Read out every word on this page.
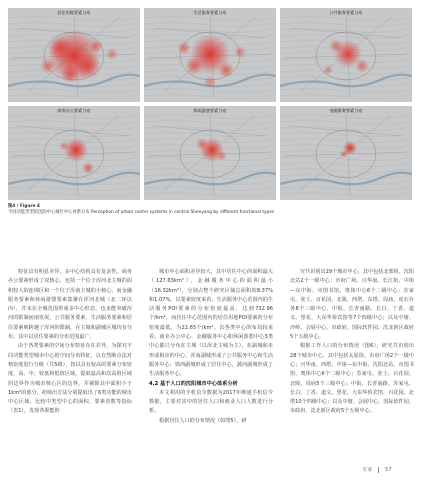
居住用地要素分布	生活服务要素分布	公共服务要素分布
商务办公要素分布	休闲游憩要素分布	金融服务要素分布
图4 / Figure 4
不同功能类型的沈阳中心城区中心体系分布 Perception of urban center systems in central Shenyang by different functional types

特征具有明显差异，多中心结构具有复杂性。商务办公要素形成了双核心，包括一个位于浑河北主城的面积较大的连绵区和一个位于浑南主城的小核心，而金融服务要素和休闲游憩要素集聚在浑河北城（北二环以内），并未在全城范围形成多中心形态，也未能突破浑河的限制而南发展，公共服务要素、生活服务要素和居住要素则跨越了浑河的限制，在主城和副城区城均有分布，其中以居住要素的分布范围最广。

由于各类要素的空间分布特征存在差异，为探究不同功能类型城市中心的空间分布特征，以自然断点法对核密度进行分级（共5级），按以具有较高的要素分布密度、高、中、较低和低值区域，提取最高和次高值区域的边界作为城市核心区的边界，并剔除其中面积小于1km²的部分，初筛出方法分别提取出了6类功能的城市中心区域，比较中类型中心的面积、要素者数等指标（表1），发现各职能的

城市中心面积差异较大，其中居住中心的面积最大（127.63km²），金融服务中心的面积最小（16.32km²），分别占整个研究区域总面积的8.37%和1.07%。以要素密度来看，生活服务中心范围内的生活服务POI要素的分布密度最高，达到732.96个/km²，而居住中心范围内的居住用地POI要素的分布密度最低，为22.65个/km²。以各类中心的布局较来看，商业办公中心、金融服务中心和休闲游憩中心3类中心都只分布在主城（以浑北主城为主），在副城和未形成相应的中心，浑南副城形成了公共服务中心和生活服务中心；铁西副城形成了居住中心，蒲河副城形成了生活服务中心。

4.2 基于人口的沈阳城市中心体系分析

本文利用的手机信令数据为2017年断通手机信令数据，主要对其中的居住人口和就业人口人数进行分析。

根据居住人口的分布情况（如图5），研

究共识别出29个城市中心，其中包括北部组、沈阳北站2个一级中心；市府广场、兴华南、长江街、中街—东中街、市图书馆、奥体中心6个二级中心；苏家屯、张士、百花园，北陵、西塔、东塔、周庙，虎石台各8个三级中心，中街、长青南路、长白、丁香、道义、望花、大东华侨宾馆等7个四级中心；以及中塘、沙岭、会展中心、市政府、国际软件园、沈北新区政府5个五级中心。

根据工作人口的分布情况（图6），研究共识别出28个城市中心，其中包括太原街、市府广场2个一级中心；兴华南、西塔、中街—东中街、沈阳北站、市图书馆、奥体中心6个二级中心；苏家屯、张士、百花园、北陵、周庙5个三级中心；中街、长青南路、苏家屯、长白、丁香、道义、望花、大东华侨宾馆、百花园、北塔10个四级中心；以及中塘、会展中心、国际软件园、市政府、沈北新区政府5个五级中心。

专家 57
